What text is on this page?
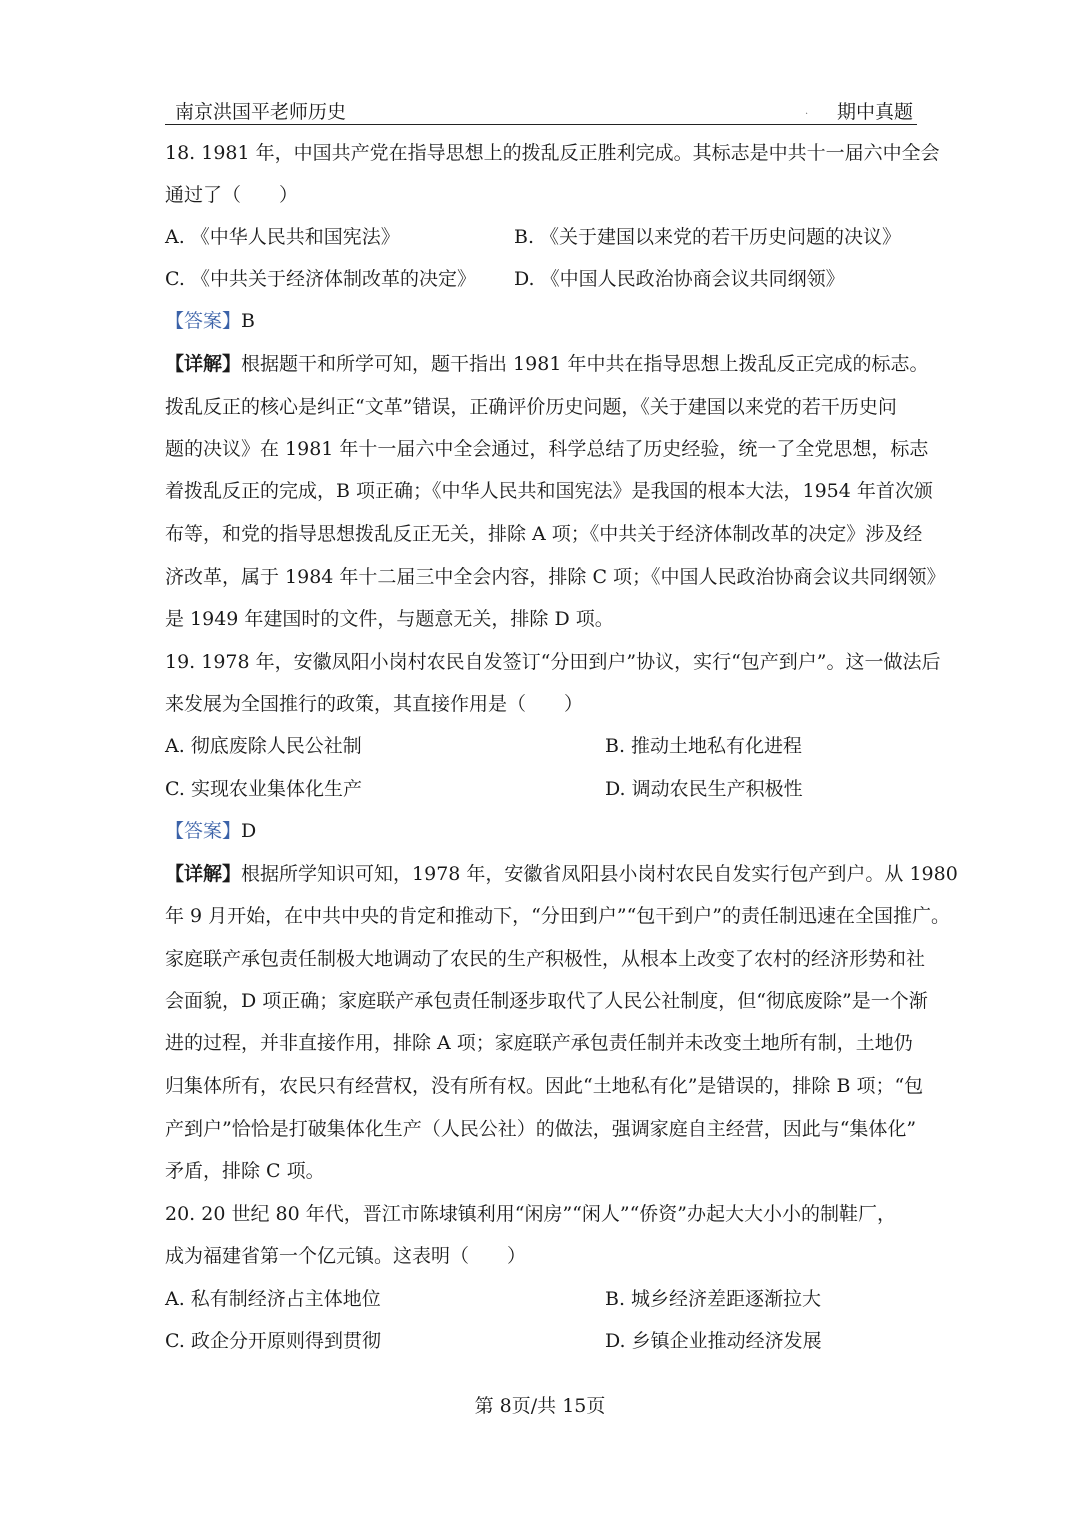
南京洪国平老师历史	. 期中真题
18. 1981 年，中国共产党在指导思想上的拨乱反正胜利完成。其标志是中共十一届六中全会
通过了（　　）
A. 《中华人民共和国宪法》	B. 《关于建国以来党的若干历史问题的决议》
C. 《中共关于经济体制改革的决定》 D. 《中国人民政治协商会议共同纲领》
【答案】B
【详解】根据题干和所学可知，题干指出 1981 年中共在指导思想上拨乱反正完成的标志。
拨乱反正的核心是纠正“文革”错误，正确评价历史问题，《关于建国以来党的若干历史问
题的决议》在 1981 年十一届六中全会通过，科学总结了历史经验，统一了全党思想，标志
着拨乱反正的完成，B 项正确；《中华人民共和国宪法》是我国的根本大法，1954 年首次颁
布等，和党的指导思想拨乱反正无关，排除 A 项；《中共关于经济体制改革的决定》涉及经
济改革，属于 1984 年十二届三中全会内容，排除 C 项；《中国人民政治协商会议共同纲领》
是 1949 年建国时的文件，与题意无关，排除 D 项。
19. 1978 年，安徽凤阳小岗村农民自发签订“分田到户”协议，实行“包产到户”。这一做法后
来发展为全国推行的政策，其直接作用是（　　）
A. 彻底废除人民公社制	B. 推动土地私有化进程
C. 实现农业集体化生产	D. 调动农民生产积极性
【答案】D
【详解】根据所学知识可知，1978 年，安徽省凤阳县小岗村农民自发实行包产到户。从 1980
年 9 月开始，在中共中央的肯定和推动下，“分田到户”“包干到户”的责任制迅速在全国推广。
家庭联产承包责任制极大地调动了农民的生产积极性，从根本上改变了农村的经济形势和社
会面貌，D 项正确；家庭联产承包责任制逐步取代了人民公社制度，但“彻底废除”是一个渐
进的过程，并非直接作用，排除 A 项；家庭联产承包责任制并未改变土地所有制，土地仍
归集体所有，农民只有经营权，没有所有权。因此“土地私有化”是错误的，排除 B 项；“包
产到户”恰恰是打破集体化生产（人民公社）的做法，强调家庭自主经营，因此与“集体化”
矛盾，排除 C 项。
20. 20 世纪 80 年代，晋江市陈埭镇利用“闲房”“闲人”“侨资”办起大大小小的制鞋厂，
成为福建省第一个亿元镇。这表明（　　）
A. 私有制经济占主体地位	B. 城乡经济差距逐渐拉大
C. 政企分开原则得到贯彻	D. 乡镇企业推动经济发展
第 8页/共 15页
